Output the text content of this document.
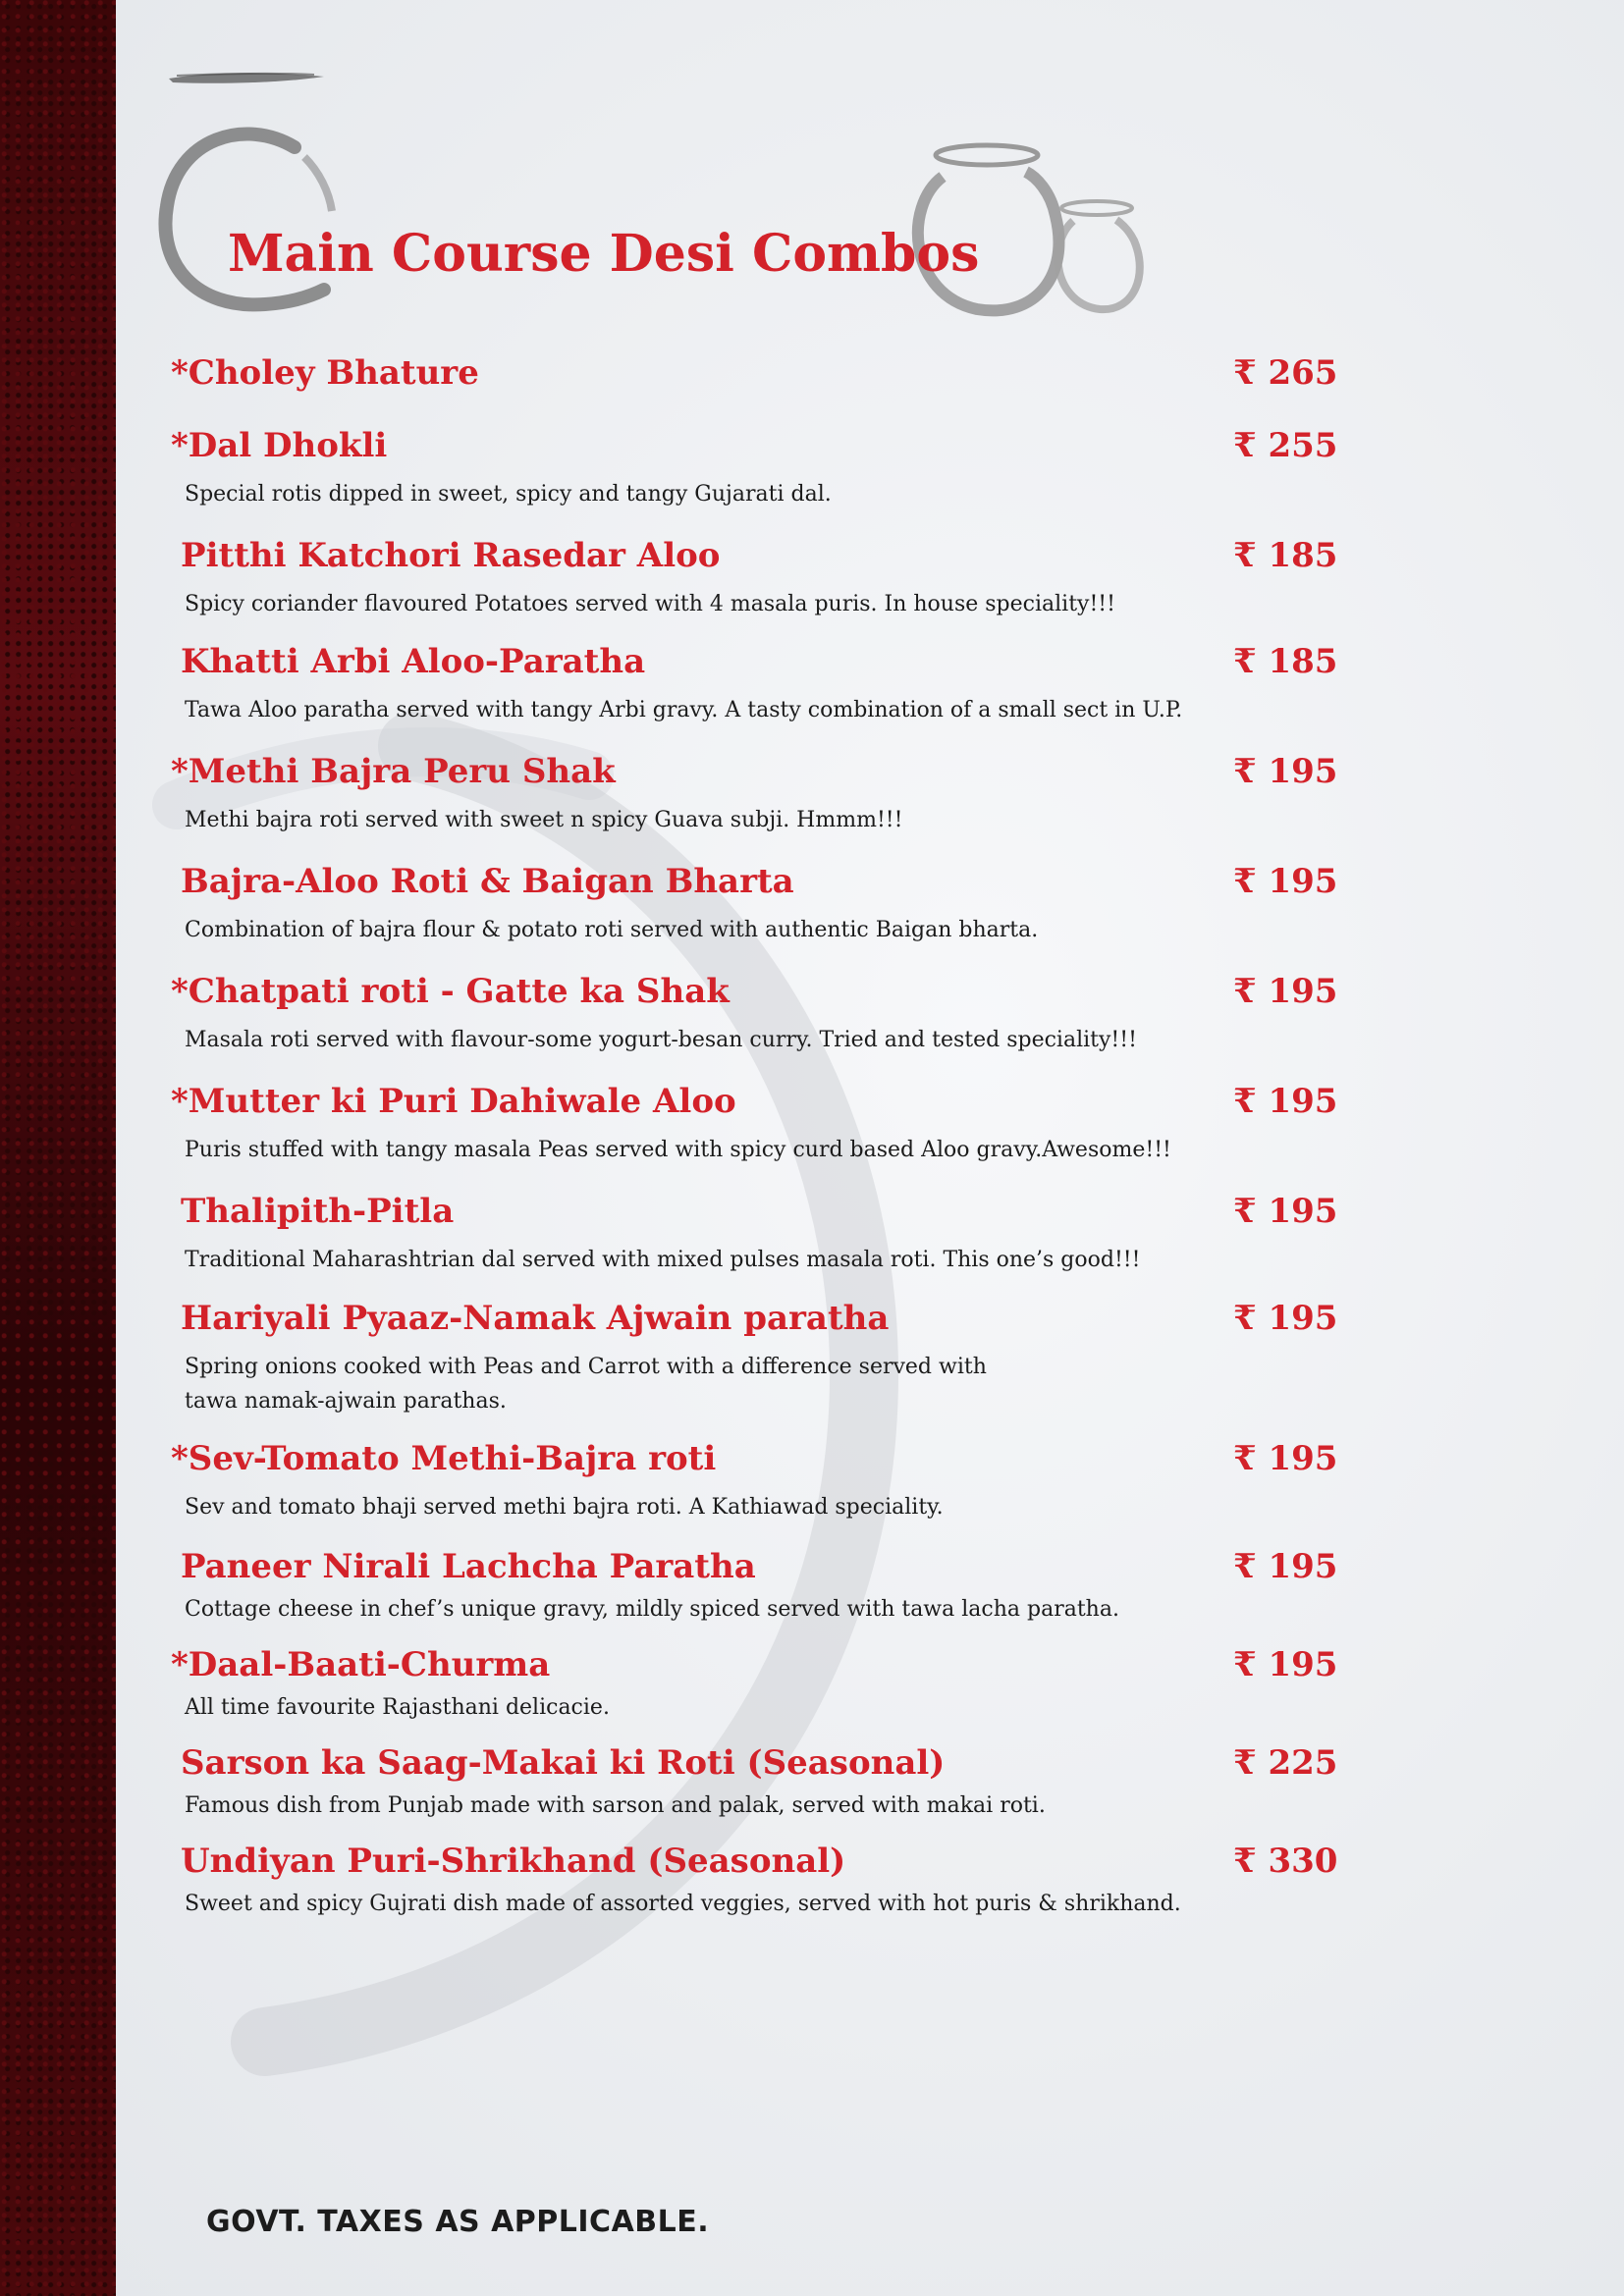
Main Course Desi Combos
*Choley Bhature	₹ 265
*Dal Dhokli	₹ 255
Special rotis dipped in sweet, spicy and tangy Gujarati dal.
Pitthi Katchori Rasedar Aloo	₹ 185
Spicy coriander flavoured Potatoes served with 4 masala puris. In house speciality!!!
Khatti Arbi Aloo-Paratha	₹ 185
Tawa Aloo paratha served with tangy Arbi gravy. A tasty combination of a small sect in U.P.
*Methi Bajra Peru Shak	₹ 195
Methi bajra roti served with sweet n spicy Guava subji. Hmmm!!!
Bajra-Aloo Roti & Baigan Bharta	₹ 195
Combination of bajra flour & potato roti served with authentic Baigan bharta.
*Chatpati roti - Gatte ka Shak	₹ 195
Masala roti served with flavour-some yogurt-besan curry. Tried and tested speciality!!!
*Mutter ki Puri Dahiwale Aloo	₹ 195
Puris stuffed with tangy masala Peas served with spicy curd based Aloo gravy.Awesome!!!
Thalipith-Pitla	₹ 195
Traditional Maharashtrian dal served with mixed pulses masala roti. This one’s good!!!
Hariyali Pyaaz-Namak Ajwain paratha	₹ 195
Spring onions cooked with Peas and Carrot with a difference served with
tawa namak-ajwain parathas.
*Sev-Tomato Methi-Bajra roti	₹ 195
Sev and tomato bhaji served methi bajra roti. A Kathiawad speciality.
Paneer Nirali Lachcha Paratha	₹ 195
Cottage cheese in chef’s unique gravy, mildly spiced served with tawa lacha paratha.
*Daal-Baati-Churma	₹ 195
All time favourite Rajasthani delicacie.
Sarson ka Saag-Makai ki Roti (Seasonal)	₹ 225
Famous dish from Punjab made with sarson and palak, served with makai roti.
Undiyan Puri-Shrikhand (Seasonal)	₹ 330
Sweet and spicy Gujrati dish made of assorted veggies, served with hot puris & shrikhand.
GOVT. TAXES AS APPLICABLE.
